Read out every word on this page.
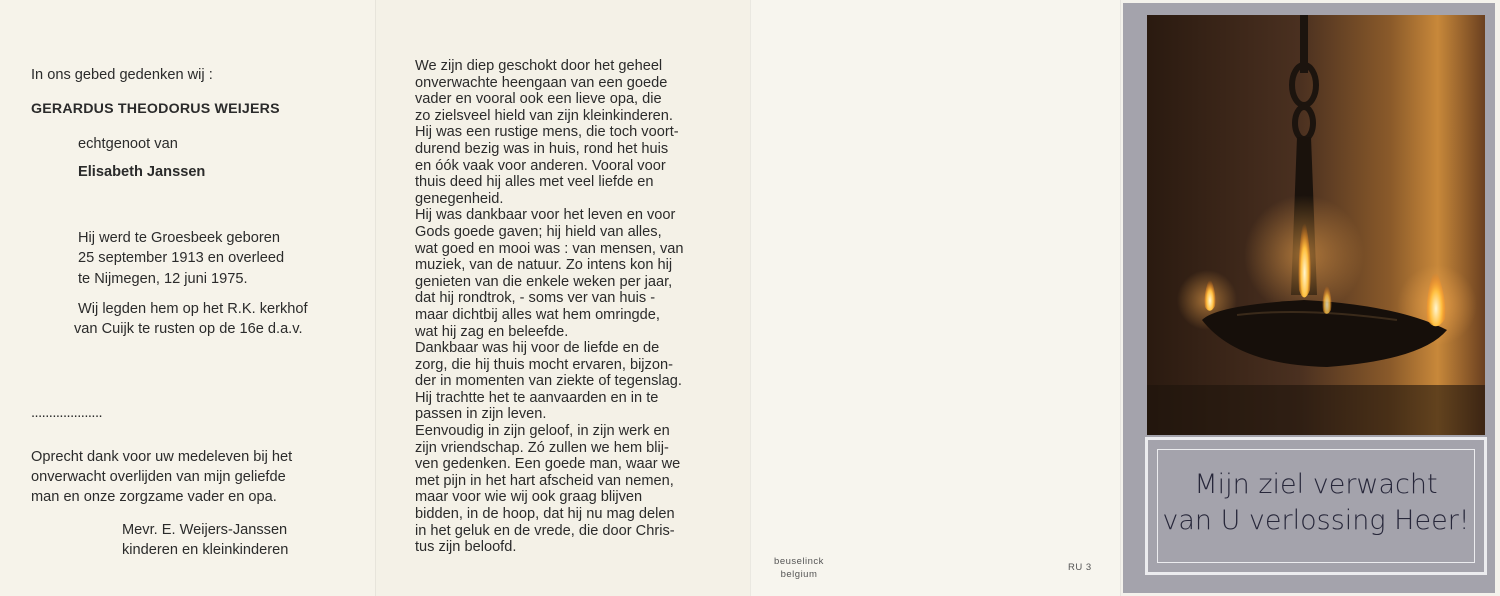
In ons gebed gedenken wij :

GERARDUS THEODORUS WEIJERS

echtgenoot van

Elisabeth Janssen

Hij werd te Groesbeek geboren

25 september 1913 en overleed

te Nijmegen, 12 juni 1975.

Wij legden hem op het R.K. kerkhof

van Cuijk te rusten op de 16e d.a.v.

....................

Oprecht dank voor uw medeleven bij het

onverwacht overlijden van mijn geliefde

man en onze zorgzame vader en opa.

Mevr. E. Weijers-Janssen

kinderen en kleinkinderen

We zijn diep geschokt door het geheel
onverwachte heengaan van een goede
vader en vooral ook een lieve opa, die
zo zielsveel hield van zijn kleinkinderen.
Hij was een rustige mens, die toch voort-
durend bezig was in huis, rond het huis
en óók vaak voor anderen. Vooral voor
thuis deed hij alles met veel liefde en
genegenheid.
Hij was dankbaar voor het leven en voor
Gods goede gaven; hij hield van alles,
wat goed en mooi was : van mensen, van
muziek, van de natuur. Zo intens kon hij
genieten van die enkele weken per jaar,
dat hij rondtrok, - soms ver van huis -
maar dichtbij alles wat hem omringde,
wat hij zag en beleefde.
Dankbaar was hij voor de liefde en de
zorg, die hij thuis mocht ervaren, bijzon-
der in momenten van ziekte of tegenslag.
Hij trachtte het te aanvaarden en in te
passen in zijn leven.
Eenvoudig in zijn geloof, in zijn werk en
zijn vriendschap. Zó zullen we hem blij-
ven gedenken. Een goede man, waar we
met pijn in het hart afscheid van nemen,
maar voor wie wij ook graag blijven
bidden, in de hoop, dat hij nu mag delen
in het geluk en de vrede, die door Chris-
tus zijn beloofd.

beuselinck
belgium
RU 3

Mijn ziel verwacht

van U verlossing Heer!
